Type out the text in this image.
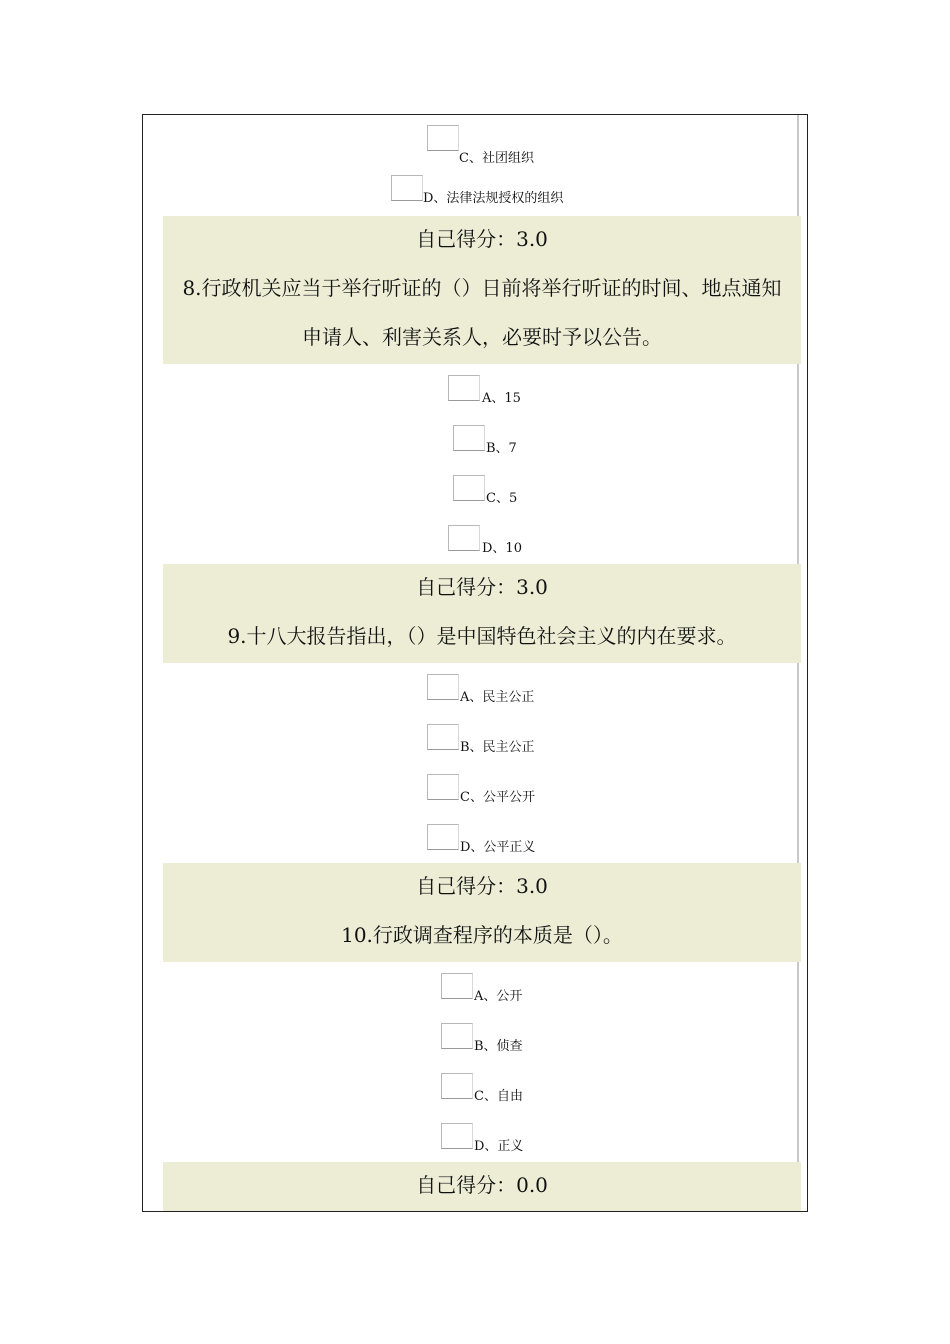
C、社团组织
D、法律法规授权的组织
自己得分：3.0
8.行政机关应当于举行听证的（）日前将举行听证的时间、地点通知
申请人、利害关系人，必要时予以公告。
A、15
B、7
C、5
D、10
自己得分：3.0
9.十八大报告指出，（）是中国特色社会主义的内在要求。
A、民主公正
B、民主公正
C、公平公开
D、公平正义
自己得分：3.0
10.行政调查程序的本质是（）。
A、公开
B、侦查
C、自由
D、正义
自己得分：0.0
